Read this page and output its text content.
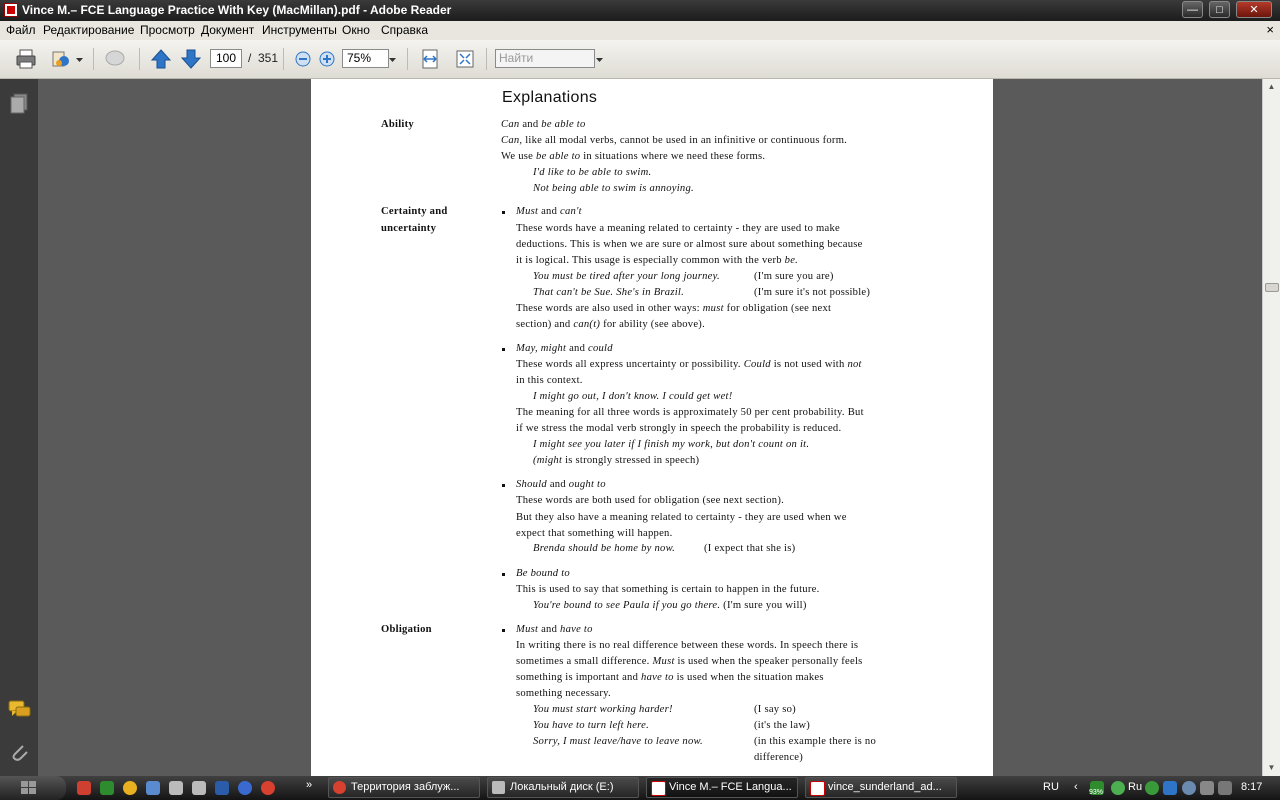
Vince M.– FCE Language Practice With Key (MacMillan).pdf - Adobe Reader	—	□	✕
Файл Редактирование Просмотр Документ Инструменты Окно Справка	×
100 / 351	75%	Найти
Explanations
Ability	Can and be able to
Can, like all modal verbs, cannot be used in an infinitive or continuous form.
We use be able to in situations where we need these forms.
I'd like to be able to swim.
Not being able to swim is annoying.
Certainty and
uncertainty
Must and can't
These words have a meaning related to certainty - they are used to make
deductions. This is when we are sure or almost sure about something because
it is logical. This usage is especially common with the verb be.
You must be tired after your long journey.	(I'm sure you are)
That can't be Sue. She's in Brazil.	(I'm sure it's not possible)
These words are also used in other ways: must for obligation (see next
section) and can(t) for ability (see above).
May, might and could
These words all express uncertainty or possibility. Could is not used with not
in this context.
I might go out, I don't know. I could get wet!
The meaning for all three words is approximately 50 per cent probability. But
if we stress the modal verb strongly in speech the probability is reduced.
I might see you later if I finish my work, but don't count on it.
(might is strongly stressed in speech)
Should and ought to
These words are both used for obligation (see next section).
But they also have a meaning related to certainty - they are used when we
expect that something will happen.
Brenda should be home by now.	(I expect that she is)
Be bound to
This is used to say that something is certain to happen in the future.
You're bound to see Paula if you go there. (I'm sure you will)
Obligation	Must and have to
In writing there is no real difference between these words. In speech there is
sometimes a small difference. Must is used when the speaker personally feels
something is important and have to is used when the situation makes
something necessary.
You must start working harder!	(I say so)
You have to turn left here.	(it's the law)
Sorry, I must leave/have to leave now.	(in this example there is no
difference)
▲
▼
»	Территория заблуж...	Локальный диск (E:)	Vince M.– FCE Langua...	vince_sunderland_ad...	RU ‹ 93% Ru	8:17
